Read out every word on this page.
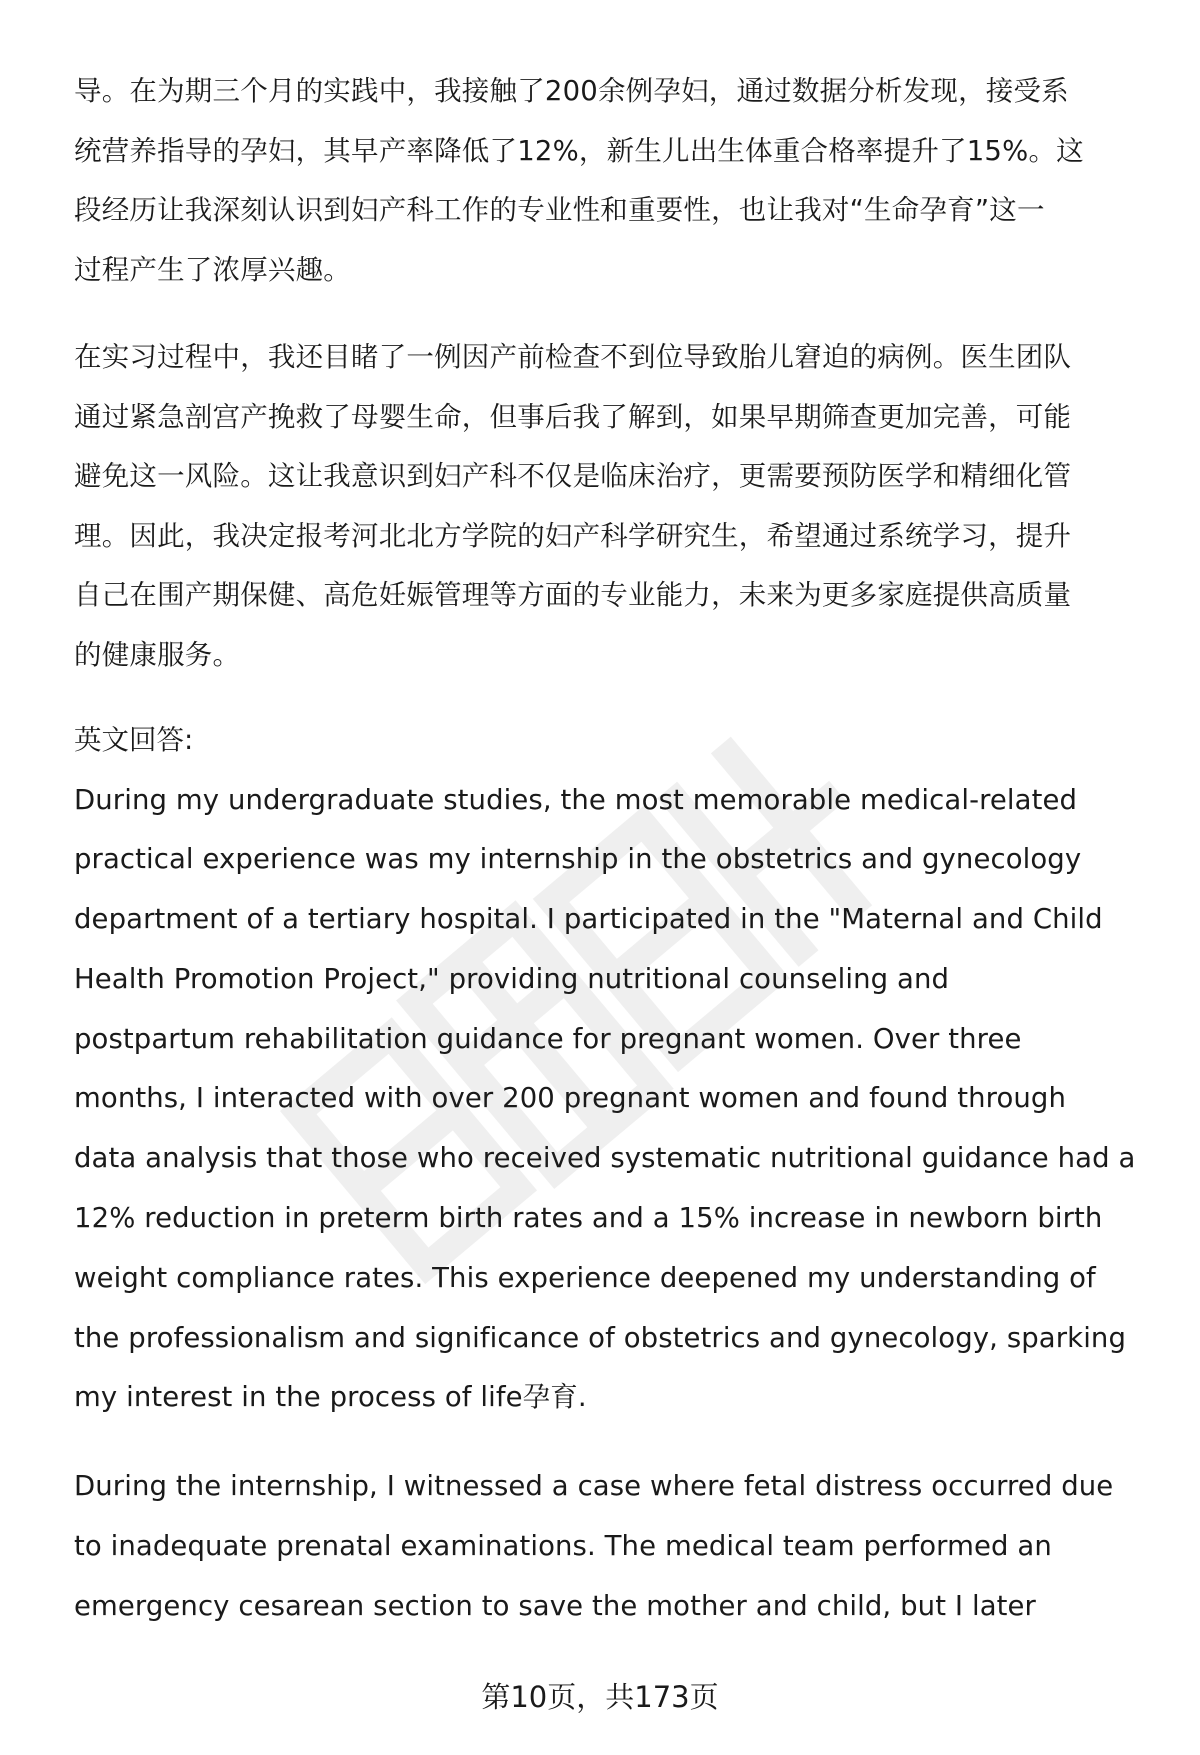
导。在为期三个月的实践中，我接触了200余例孕妇，通过数据分析发现，接受系
统营养指导的孕妇，其早产率降低了12%，新生儿出生体重合格率提升了15%。这
段经历让我深刻认识到妇产科工作的专业性和重要性，也让我对“生命孕育”这一
过程产生了浓厚兴趣。

在实习过程中，我还目睹了一例因产前检查不到位导致胎儿窘迫的病例。医生团队
通过紧急剖宫产挽救了母婴生命，但事后我了解到，如果早期筛查更加完善，可能
避免这一风险。这让我意识到妇产科不仅是临床治疗，更需要预防医学和精细化管
理。因此，我决定报考河北北方学院的妇产科学研究生，希望通过系统学习，提升
自己在围产期保健、高危妊娠管理等方面的专业能力，未来为更多家庭提供高质量
的健康服务。

英文回答:

During my undergraduate studies, the most memorable medical-related
practical experience was my internship in the obstetrics and gynecology
department of a tertiary hospital. I participated in the "Maternal and Child
Health Promotion Project," providing nutritional counseling and
postpartum rehabilitation guidance for pregnant women. Over three
months, I interacted with over 200 pregnant women and found through
data analysis that those who received systematic nutritional guidance had a
12% reduction in preterm birth rates and a 15% increase in newborn birth
weight compliance rates. This experience deepened my understanding of
the professionalism and significance of obstetrics and gynecology, sparking
my interest in the process of life孕育.

During the internship, I witnessed a case where fetal distress occurred due
to inadequate prenatal examinations. The medical team performed an
emergency cesarean section to save the mother and child, but I later

第10页，共173页
